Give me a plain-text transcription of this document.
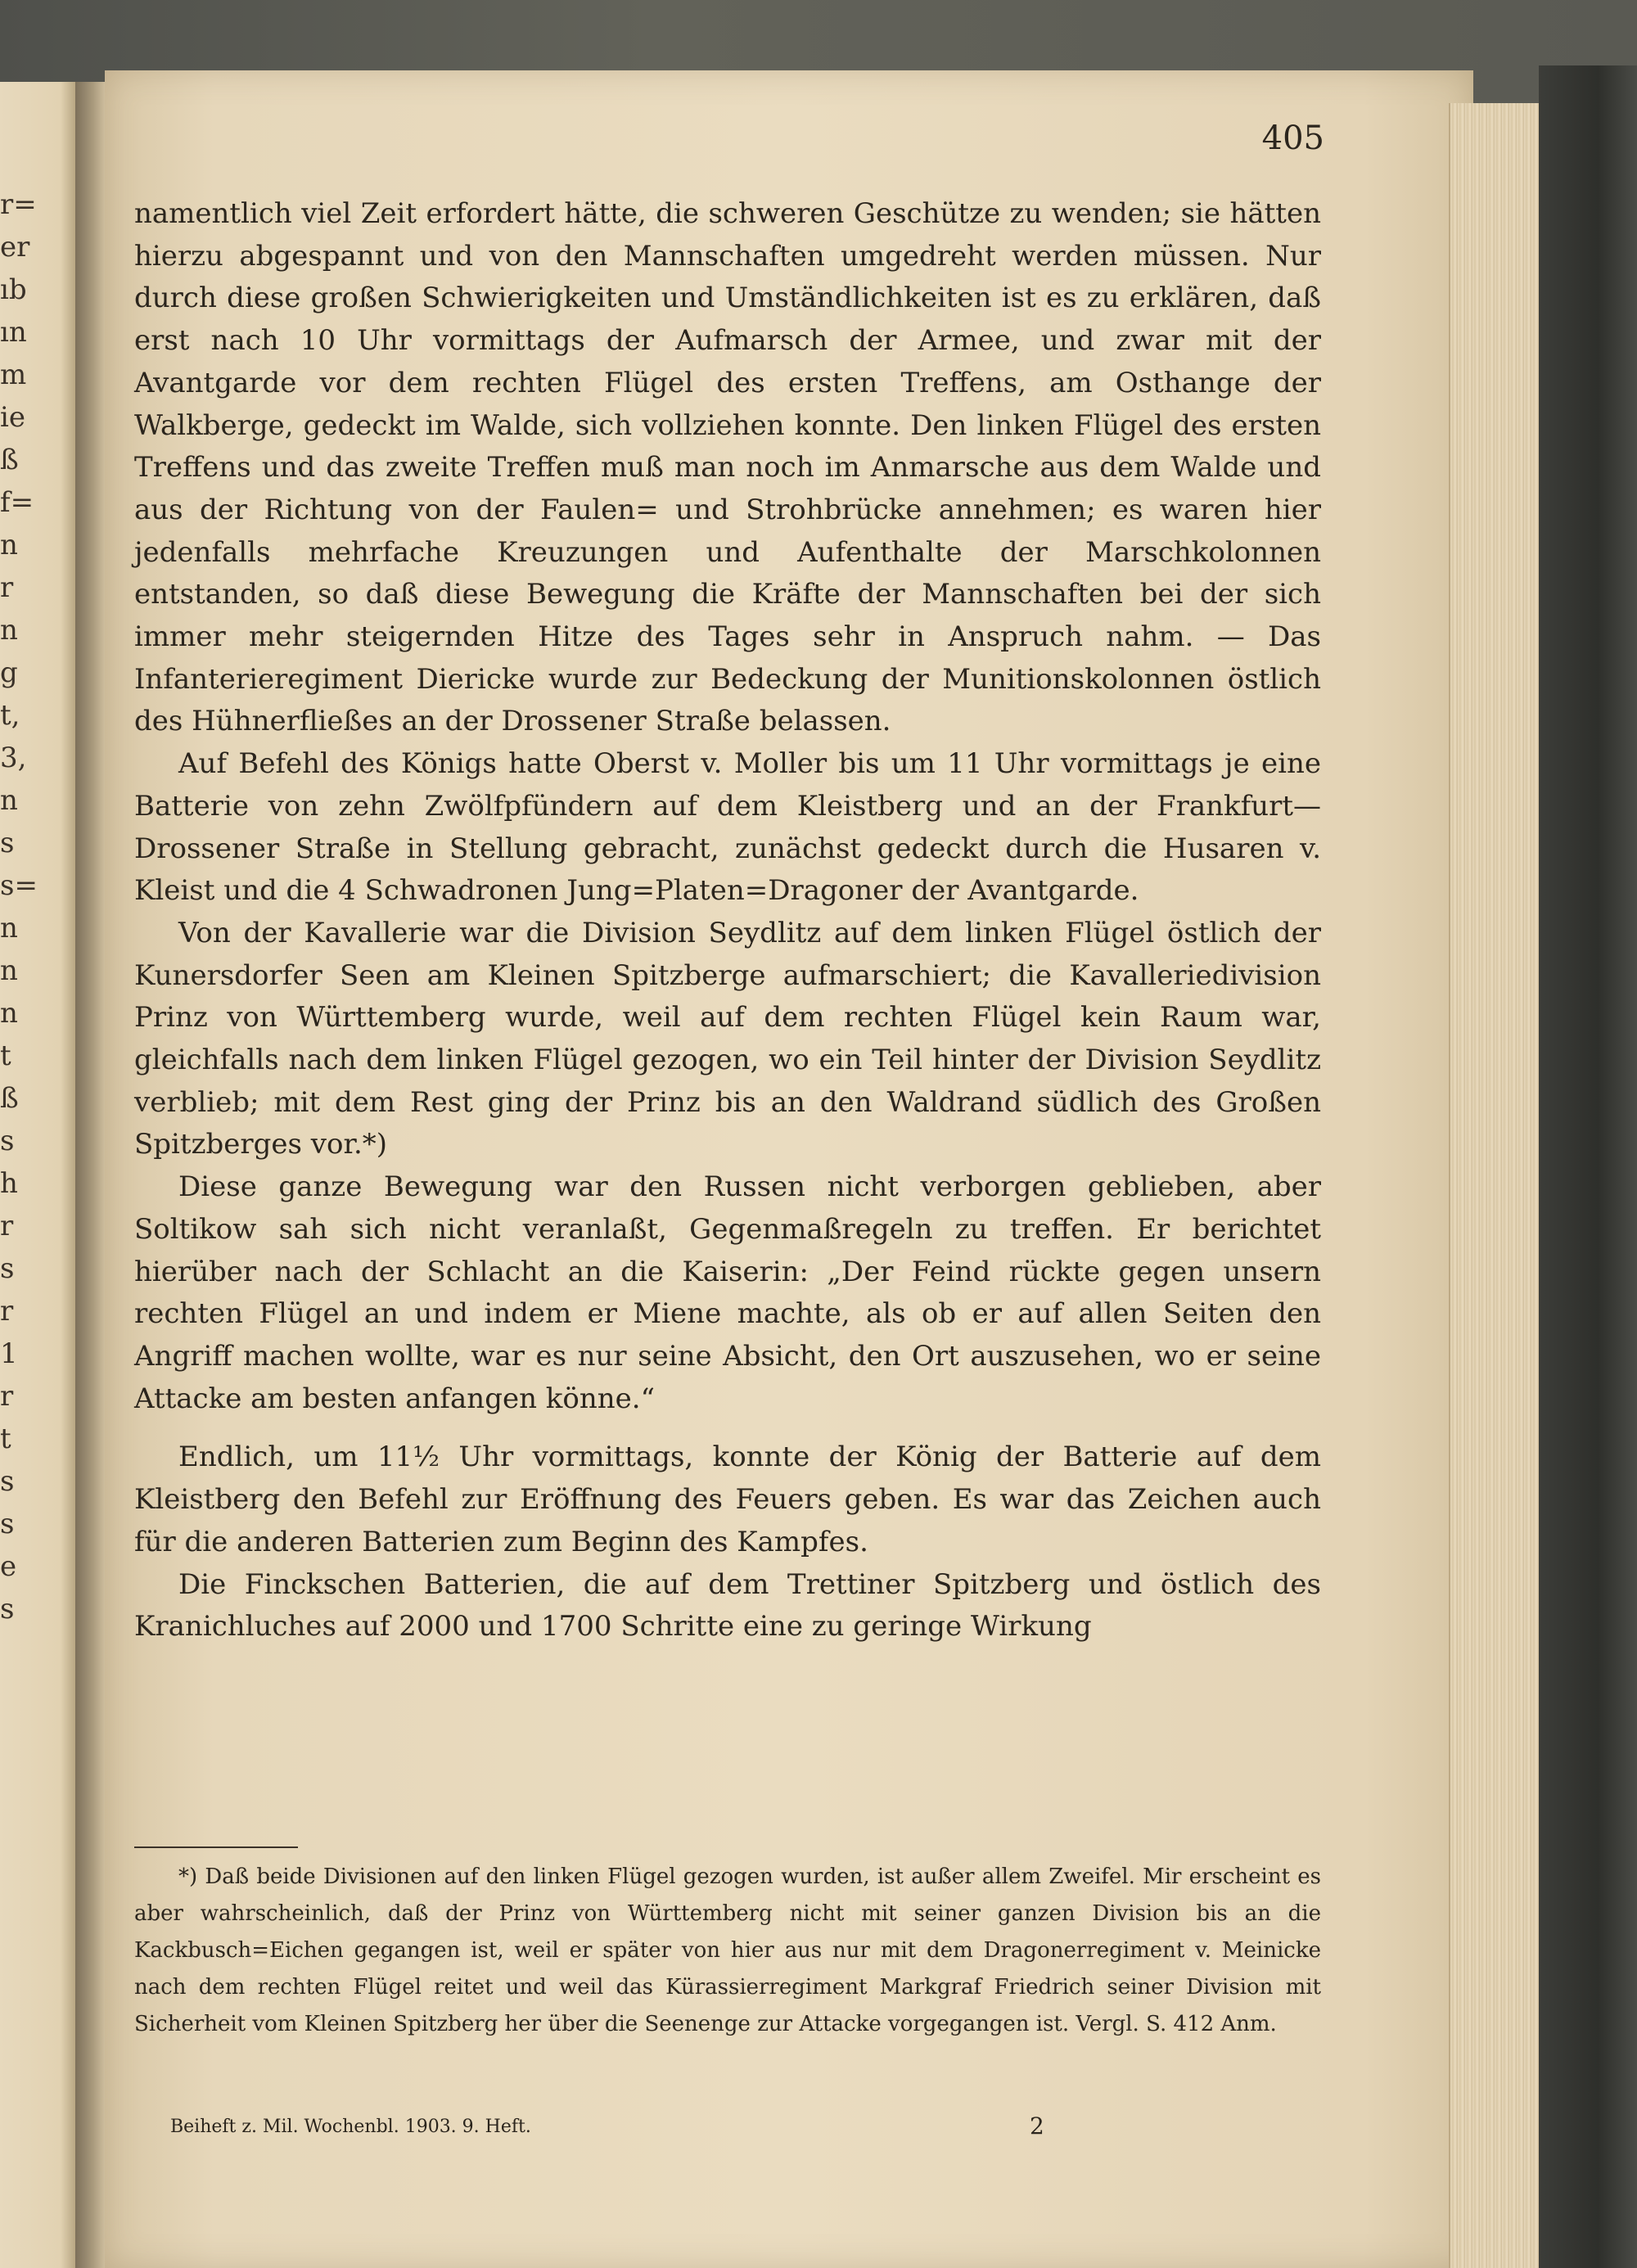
r=
er
ıb
ın
m
ie
ß
f=
n
r
n
g
t,
3,
n
s
s=
n
n
n
t
ß
s
h
r
s
r
1
r
t
s
s
e
s
405

namentlich viel Zeit erfordert hätte, die schweren Geschütze zu wenden; sie hätten hierzu abgespannt und von den Mannschaften umgedreht werden müssen. Nur durch diese großen Schwierigkeiten und Umständlichkeiten ist es zu erklären, daß erst nach 10 Uhr vormittags der Aufmarsch der Armee, und zwar mit der Avantgarde vor dem rechten Flügel des ersten Treffens, am Osthange der Walkberge, gedeckt im Walde, sich vollziehen konnte. Den linken Flügel des ersten Treffens und das zweite Treffen muß man noch im Anmarsche aus dem Walde und aus der Richtung von der Faulen= und Strohbrücke annehmen; es waren hier jedenfalls mehrfache Kreuzungen und Aufenthalte der Marschkolonnen entstanden, so daß diese Bewegung die Kräfte der Mannschaften bei der sich immer mehr steigernden Hitze des Tages sehr in Anspruch nahm. — Das Infanterieregiment Diericke wurde zur Bedeckung der Munitionskolonnen östlich des Hühnerfließes an der Drossener Straße belassen.

Auf Befehl des Königs hatte Oberst v. Moller bis um 11 Uhr vormittags je eine Batterie von zehn Zwölfpfündern auf dem Kleistberg und an der Frankfurt—Drossener Straße in Stellung gebracht, zunächst gedeckt durch die Husaren v. Kleist und die 4 Schwadronen Jung=Platen=Dragoner der Avantgarde.

Von der Kavallerie war die Division Seydlitz auf dem linken Flügel östlich der Kunersdorfer Seen am Kleinen Spitzberge aufmarschiert; die Kavalleriedivision Prinz von Württemberg wurde, weil auf dem rechten Flügel kein Raum war, gleichfalls nach dem linken Flügel gezogen, wo ein Teil hinter der Division Seydlitz verblieb; mit dem Rest ging der Prinz bis an den Waldrand südlich des Großen Spitzberges vor.*)

Diese ganze Bewegung war den Russen nicht verborgen geblieben, aber Soltikow sah sich nicht veranlaßt, Gegenmaßregeln zu treffen. Er berichtet hierüber nach der Schlacht an die Kaiserin: „Der Feind rückte gegen unsern rechten Flügel an und indem er Miene machte, als ob er auf allen Seiten den Angriff machen wollte, war es nur seine Absicht, den Ort auszusehen, wo er seine Attacke am besten anfangen könne.“

Endlich, um 11½ Uhr vormittags, konnte der König der Batterie auf dem Kleistberg den Befehl zur Eröffnung des Feuers geben. Es war das Zeichen auch für die anderen Batterien zum Beginn des Kampfes.

Die Finckschen Batterien, die auf dem Trettiner Spitzberg und östlich des Kranichluches auf 2000 und 1700 Schritte eine zu geringe Wirkung

*) Daß beide Divisionen auf den linken Flügel gezogen wurden, ist außer allem Zweifel. Mir erscheint es aber wahrscheinlich, daß der Prinz von Württemberg nicht mit seiner ganzen Division bis an die Kackbusch=Eichen gegangen ist, weil er später von hier aus nur mit dem Dragonerregiment v. Meinicke nach dem rechten Flügel reitet und weil das Kürassierregiment Markgraf Friedrich seiner Division mit Sicherheit vom Kleinen Spitzberg her über die Seenenge zur Attacke vorgegangen ist. Vergl. S. 412 Anm.

Beiheft z. Mil. Wochenbl. 1903. 9. Heft.	2
